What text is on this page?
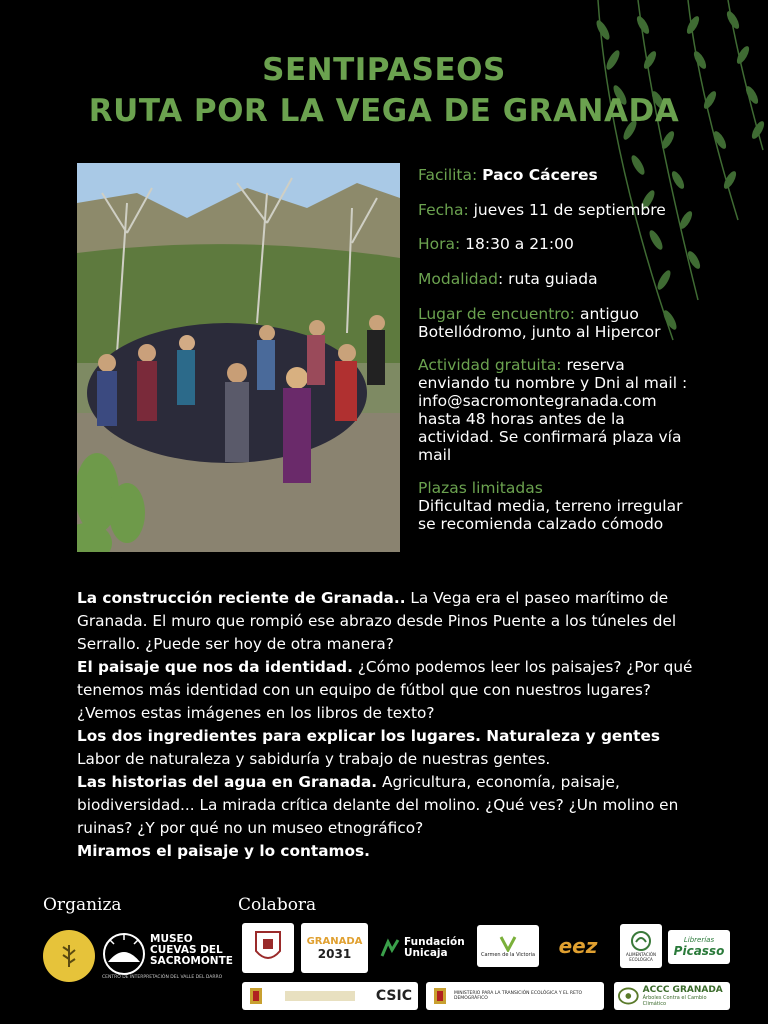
SENTIPASEOS
RUTA POR LA VEGA DE GRANADA
Facilita: Paco Cáceres
Fecha: jueves 11 de septiembre
Hora: 18:30 a 21:00
Modalidad: ruta guiada
Lugar de encuentro: antiguo
Botellódromo, junto al Hipercor
Actividad gratuita: reserva
enviando tu nombre y Dni al mail :
info@sacromontegranada.com
hasta 48 horas antes de la
actividad. Se confirmará plaza vía
mail
Plazas limitadas
Dificultad media, terreno irregular
se recomienda calzado cómodo

La construcción reciente de Granada.. La Vega era el paseo marítimo de Granada. El muro que rompió ese abrazo desde Pinos Puente a los túneles del Serrallo. ¿Puede ser hoy de otra manera?

El paisaje que nos da identidad. ¿Cómo podemos leer los paisajes? ¿Por qué tenemos más identidad con un equipo de fútbol que con nuestros lugares? ¿Vemos estas imágenes en los libros de texto?

Los dos ingredientes para explicar los lugares. Naturaleza y gentes

Labor de naturaleza y sabiduría y trabajo de nuestras gentes.

Las historias del agua en Granada. Agricultura, economía, paisaje, biodiversidad... La mirada crítica delante del molino. ¿Qué ves? ¿Un molino en ruinas? ¿Y por qué no un museo etnográfico?

Miramos el paisaje y lo contamos.

Organiza	Colabora
MUSEO
CUEVAS DEL
SACROMONTE
CENTRO DE INTERPRETACIÓN DEL VALLE DEL DARRO
GRANADA
2031
Fundación
Unicaja	Carmen de la Victoria eez	ALIMENTACIÓN ECOLÓGICA
Librerías
Picasso
CSIC	MINISTERIO PARA LA TRANSICIÓN ECOLÓGICA Y EL RETO DEMOGRÁFICO
ACCC GRANADA
Árboles Contra el Cambio Climático
